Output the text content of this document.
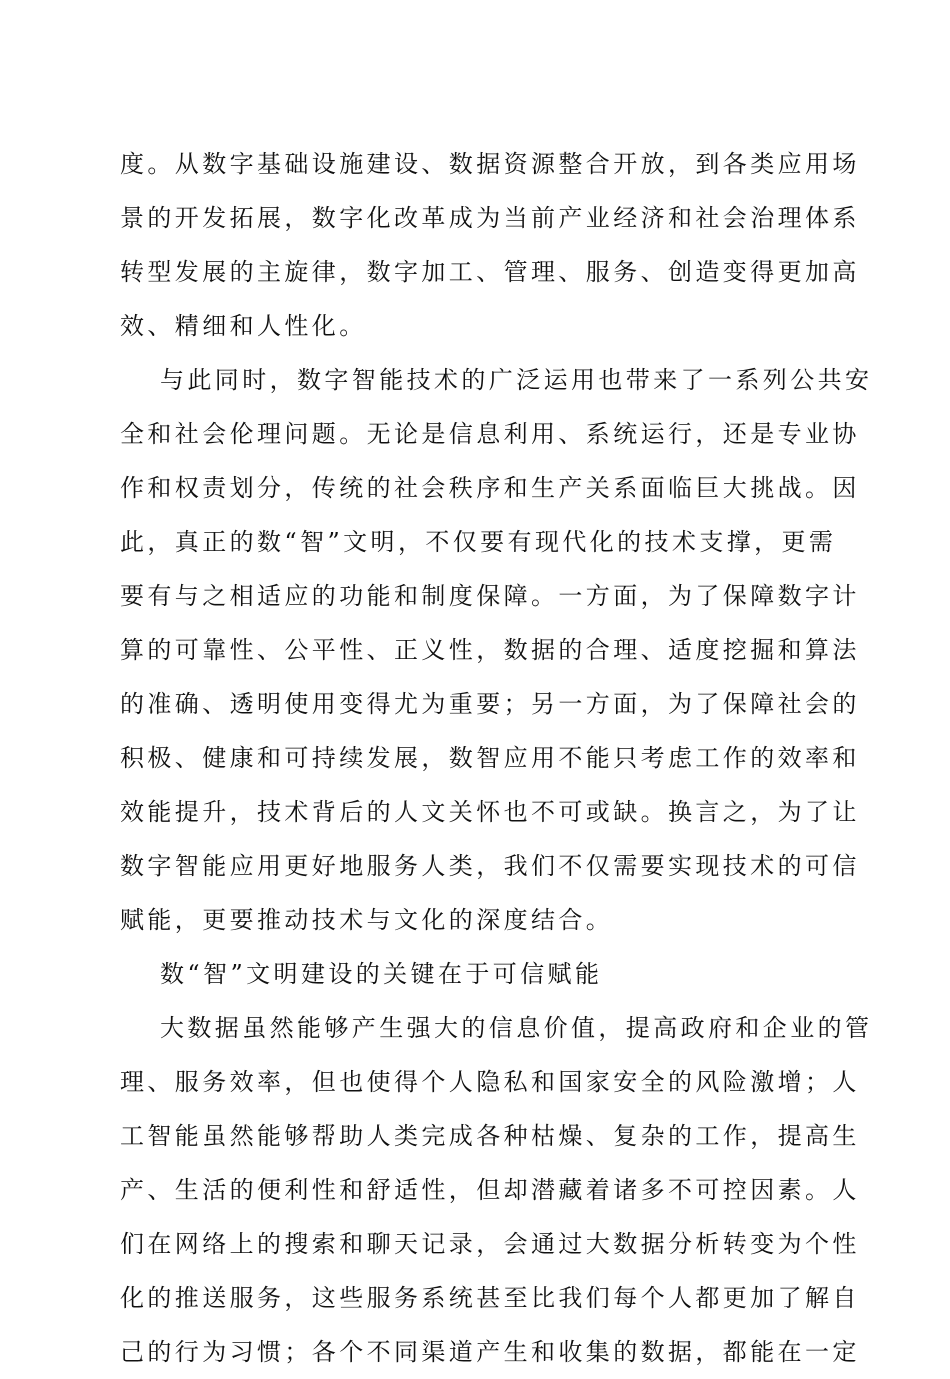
度。从数字基础设施建设、数据资源整合开放，到各类应用场
景的开发拓展，数字化改革成为当前产业经济和社会治理体系
转型发展的主旋律，数字加工、管理、服务、创造变得更加高
效、精细和人性化。
与此同时，数字智能技术的广泛运用也带来了一系列公共安
全和社会伦理问题。无论是信息利用、系统运行，还是专业协
作和权责划分，传统的社会秩序和生产关系面临巨大挑战。因
此，真正的数“智”文明，不仅要有现代化的技术支撑，更需
要有与之相适应的功能和制度保障。一方面，为了保障数字计
算的可靠性、公平性、正义性，数据的合理、适度挖掘和算法
的准确、透明使用变得尤为重要；另一方面，为了保障社会的
积极、健康和可持续发展，数智应用不能只考虑工作的效率和
效能提升，技术背后的人文关怀也不可或缺。换言之，为了让
数字智能应用更好地服务人类，我们不仅需要实现技术的可信
赋能，更要推动技术与文化的深度结合。
数“智”文明建设的关键在于可信赋能
大数据虽然能够产生强大的信息价值，提高政府和企业的管
理、服务效率，但也使得个人隐私和国家安全的风险激增；人
工智能虽然能够帮助人类完成各种枯燥、复杂的工作，提高生
产、生活的便利性和舒适性，但却潜藏着诸多不可控因素。人
们在网络上的搜索和聊天记录，会通过大数据分析转变为个性
化的推送服务，这些服务系统甚至比我们每个人都更加了解自
己的行为习惯；各个不同渠道产生和收集的数据，都能在一定
